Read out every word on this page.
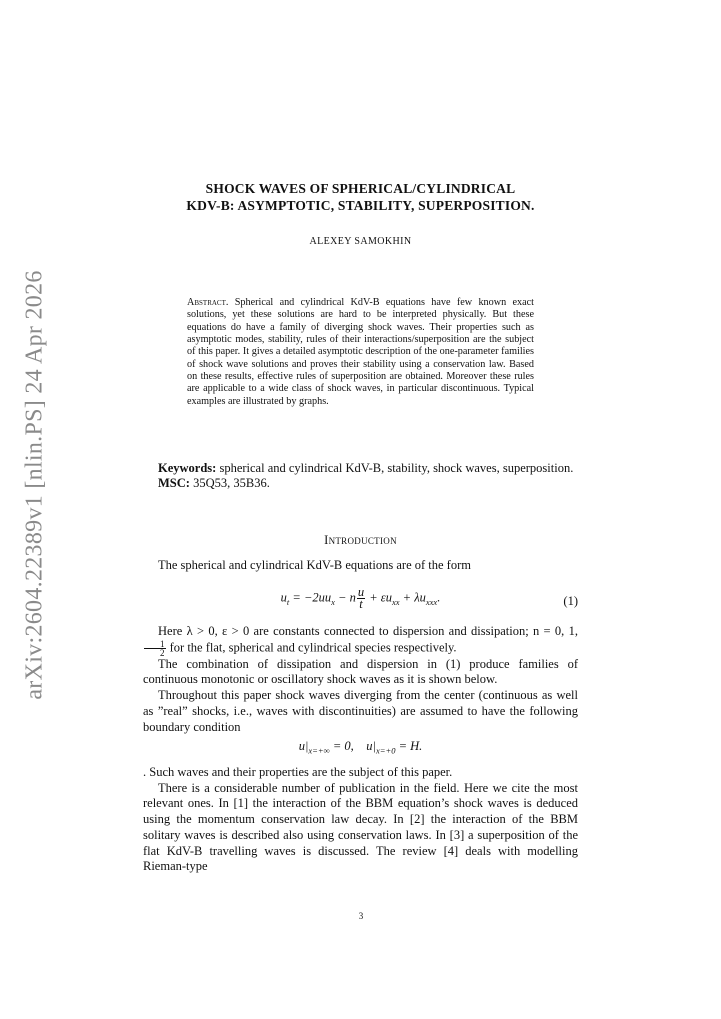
arXiv:2604.22389v1 [nlin.PS] 24 Apr 2026
SHOCK WAVES OF SPHERICAL/CYLINDRICAL
KDV-B: ASYMPTOTIC, STABILITY, SUPERPOSITION.
ALEXEY SAMOKHIN
Abstract. Spherical and cylindrical KdV-B equations have few known exact solutions, yet these solutions are hard to be interpreted physically. But these equations do have a family of diverging shock waves. Their properties such as asymptotic modes, stability, rules of their interactions/superposition are the subject of this paper. It gives a detailed asymptotic description of the one-parameter families of shock wave solutions and proves their stability using a conservation law. Based on these results, effective rules of superposition are obtained. Moreover these rules are applicable to a wide class of shock waves, in particular discontinuous. Typical examples are illustrated by graphs.
Keywords: spherical and cylindrical KdV-B, stability, shock waves, superposition.
MSC: 35Q53, 35B36.
Introduction

The spherical and cylindrical KdV-B equations are of the form

$u_t = -2uu_x - n \frac{u}{t} + \varepsilon u_{xx} + \lambda u_{xxx}$.	(1)

Here λ > 0, ε > 0 are constants connected to dispersion and dissipation; n = 0, 1,
$\frac{1}{2}$ for the flat, spherical and cylindrical species respectively.

The combination of dissipation and dispersion in (1) produce families of continuous monotonic or oscillatory shock waves as it is shown below.

Throughout this paper shock waves diverging from the center (continuous as well as ”real” shocks, i.e., waves with discontinuities) are assumed to have the following boundary condition

$u|_{x=+\infty} = 0$,    $u|_{x=+0} = H$.

. Such waves and their properties are the subject of this paper.

There is a considerable number of publication in the field. Here we cite the most relevant ones. In [1] the interaction of the BBM equation’s shock waves is deduced using the momentum conservation law decay. In [2] the interaction of the BBM solitary waves is described also using conservation laws. In [3] a superposition of the flat KdV-B travelling waves is discussed. The review [4] deals with modelling Rieman-type

3
